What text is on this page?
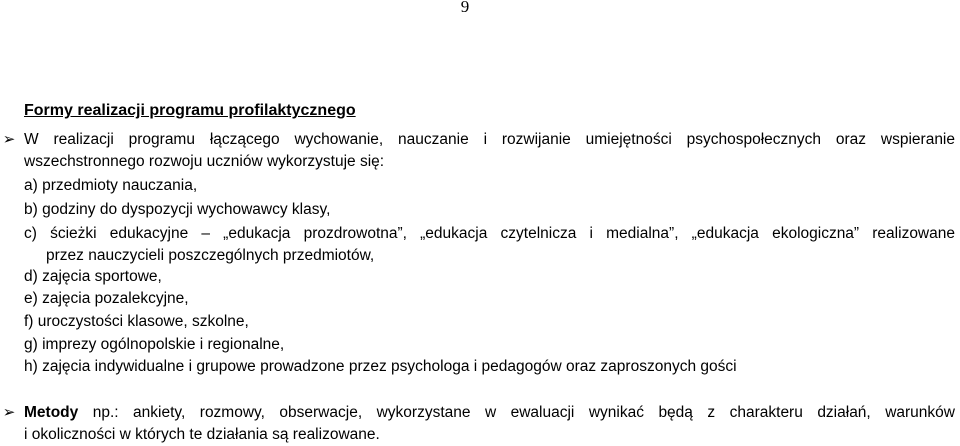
9
Formy realizacji programu profilaktycznego
➢ W realizacji programu łączącego wychowanie, nauczanie i rozwijanie umiejętności psychospołecznych oraz wspieranie
wszechstronnego rozwoju uczniów wykorzystuje się:
a) przedmioty nauczania,
b) godziny do dyspozycji wychowawcy klasy,
c) ścieżki edukacyjne – „edukacja prozdrowotna”, „edukacja czytelnicza i medialna”, „edukacja ekologiczna” realizowane
przez nauczycieli poszczególnych przedmiotów,
d) zajęcia sportowe,
e) zajęcia pozalekcyjne,
f) uroczystości klasowe, szkolne,
g) imprezy ogólnopolskie i regionalne,
h) zajęcia indywidualne i grupowe prowadzone przez psychologa i pedagogów oraz zaproszonych gości
➢ Metody np.: ankiety, rozmowy, obserwacje, wykorzystane w ewaluacji wynikać będą z charakteru działań, warunków
i okoliczności w których te działania są realizowane.
